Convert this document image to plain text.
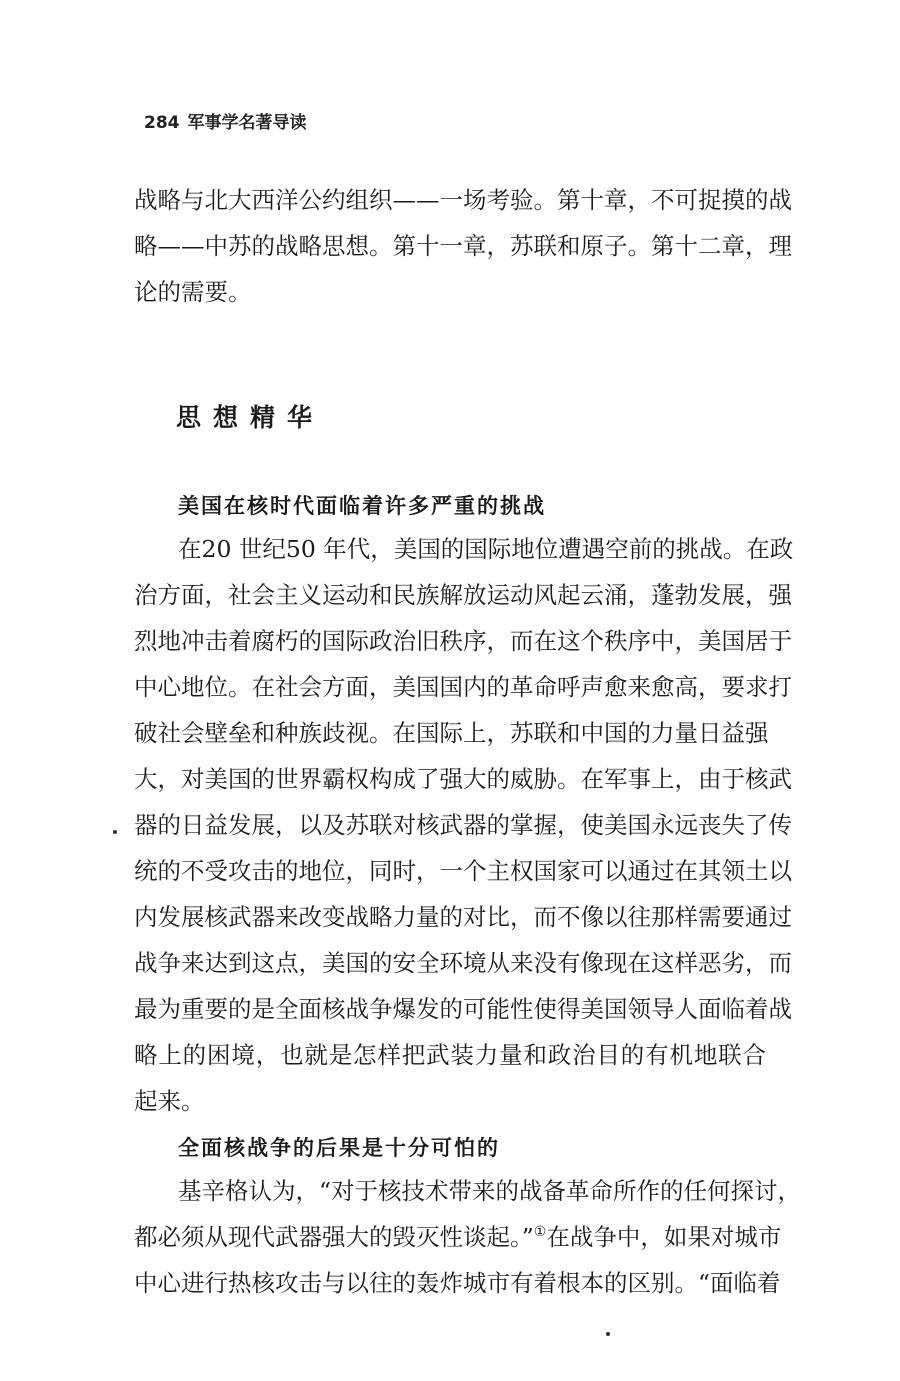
284 军事学名著导读
战略与北大西洋公约组织——一场考验。第十章，不可捉摸的战
略——中苏的战略思想。第十一章，苏联和原子。第十二章，理
论的需要。
思想精华
美国在核时代面临着许多严重的挑战
在20 世纪50 年代，美国的国际地位遭遇空前的挑战。在政
治方面，社会主义运动和民族解放运动风起云涌，蓬勃发展，强
烈地冲击着腐朽的国际政治旧秩序，而在这个秩序中，美国居于
中心地位。在社会方面，美国国内的革命呼声愈来愈高，要求打
破社会壁垒和种族歧视。在国际上，苏联和中国的力量日益强
大，对美国的世界霸权构成了强大的威胁。在军事上，由于核武
器的日益发展，以及苏联对核武器的掌握，使美国永远丧失了传
统的不受攻击的地位，同时，一个主权国家可以通过在其领土以
内发展核武器来改变战略力量的对比，而不像以往那样需要通过
战争来达到这点，美国的安全环境从来没有像现在这样恶劣，而
最为重要的是全面核战争爆发的可能性使得美国领导人面临着战
略上的困境，也就是怎样把武装力量和政治目的有机地联合
起来。
全面核战争的后果是十分可怕的
基辛格认为，“对于核技术带来的战备革命所作的任何探讨，
都必须从现代武器强大的毁灭性谈起。”①在战争中，如果对城市
中心进行热核攻击与以往的轰炸城市有着根本的区别。“面临着
